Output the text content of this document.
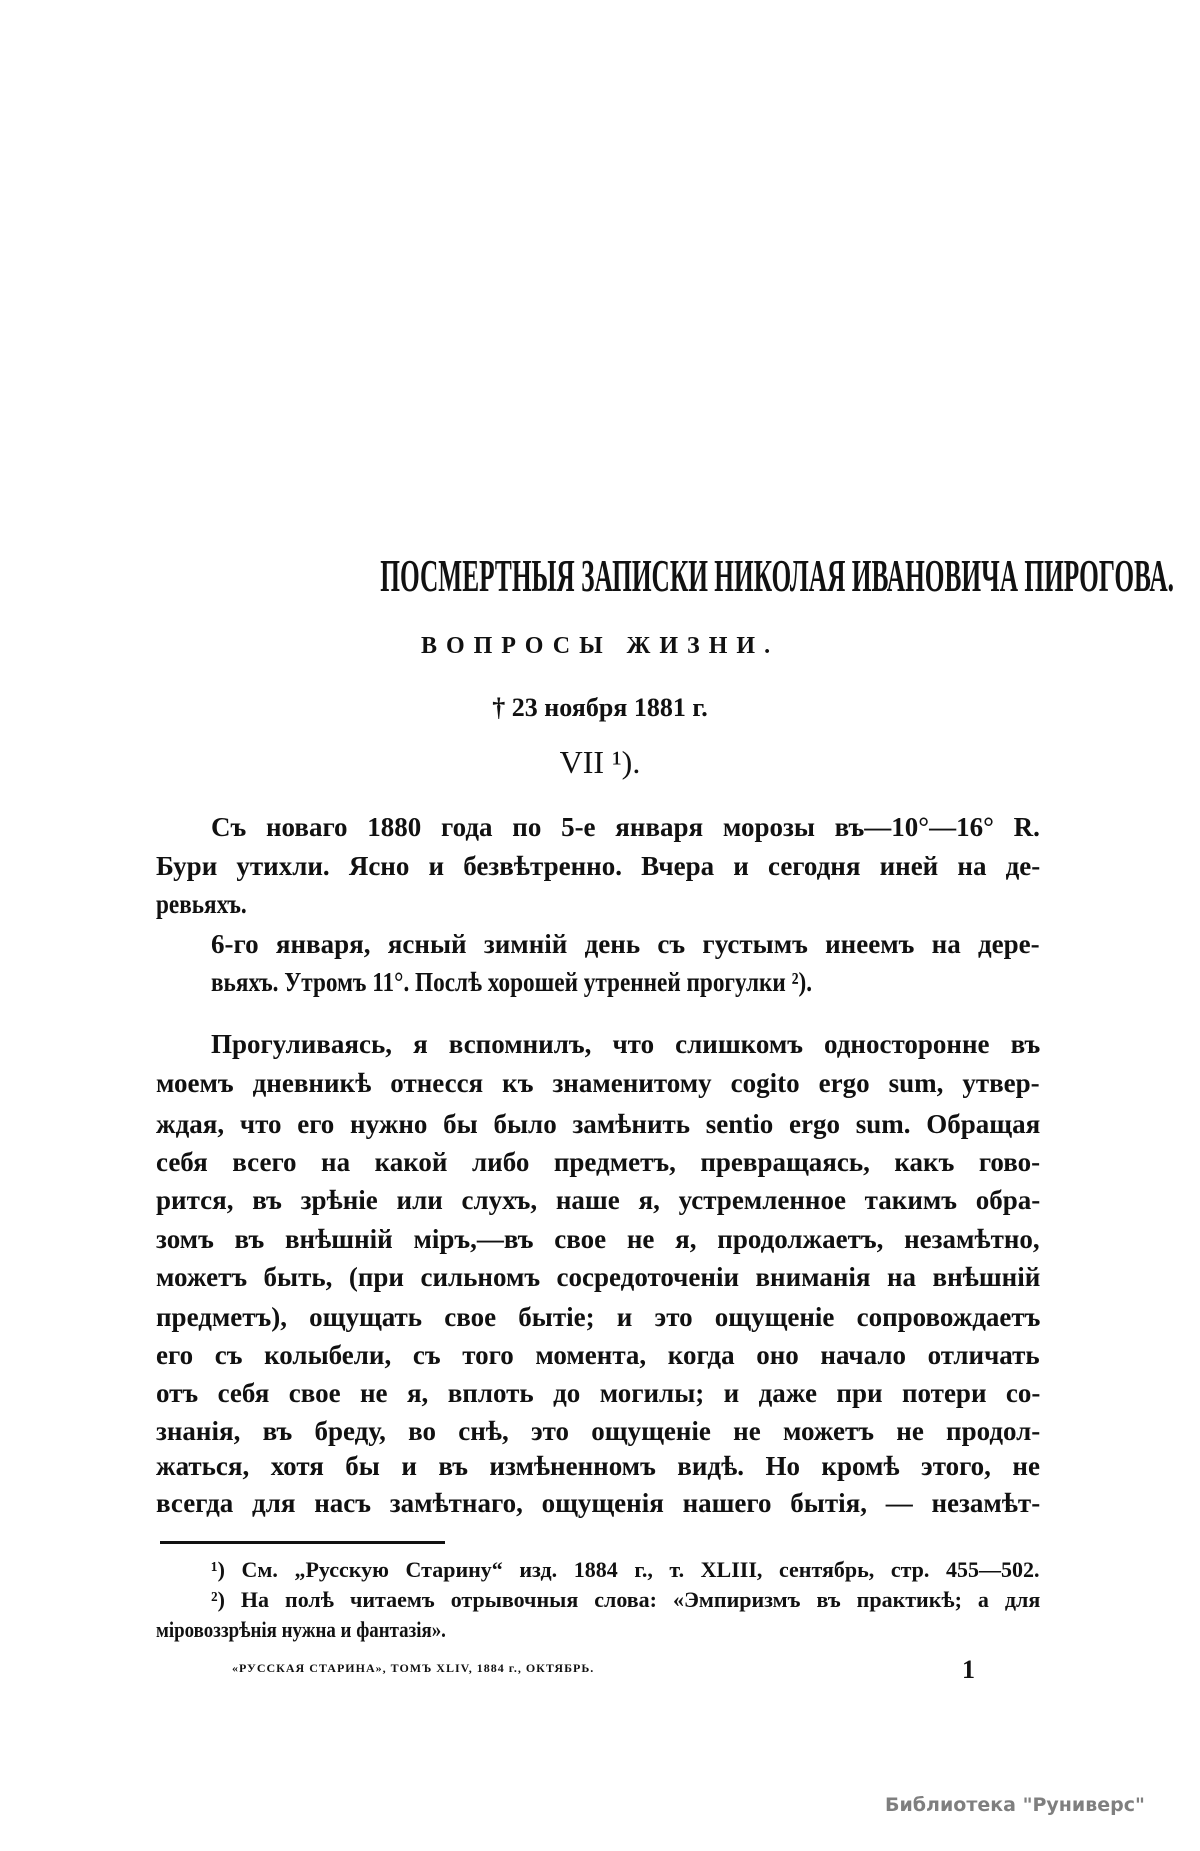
ПОСМЕРТНЫЯ ЗАПИСКИ НИКОЛАЯ ИВАНОВИЧА ПИРОГОВА.
ВОПРОСЫ ЖИЗНИ.
† 23 ноября 1881 г.
VII ¹).
Съ новаго 1880 года по 5-е января морозы въ—10°—16° R.
Бури утихли. Ясно и безвѣтренно. Вчера и сегодня иней на де-
ревьяхъ.
6-го января, ясный зимнiй день съ густымъ инеемъ на дере-
вьяхъ. Утромъ 11°. Послѣ хорошей утренней прогулки ²).
Прогуливаясь, я вспомнилъ, что слишкомъ односторонне въ
моемъ дневникѣ отнесся къ знаменитому cogito ergo sum, утвер-
ждая, что его нужно бы было замѣнить sentio ergo sum. Обращая
себя всего на какой либо предметъ, превращаясь, какъ гово-
рится, въ зрѣнiе или слухъ, наше я, устремленное такимъ обра-
зомъ въ внѣшнiй мiръ,—въ свое не я, продолжаетъ, незамѣтно,
можетъ быть, (при сильномъ сосредоточенiи вниманiя на внѣшнiй
предметъ), ощущать свое бытiе; и это ощущенiе сопровождаетъ
его съ колыбели, съ того момента, когда оно начало отличать
отъ себя свое не я, вплоть до могилы; и даже при потери со-
знанiя, въ бреду, во снѣ, это ощущенiе не можетъ не продол-
жаться, хотя бы и въ измѣненномъ видѣ. Но кромѣ этого, не
всегда для насъ замѣтнаго, ощущенiя нашего бытiя, — незамѣт-
¹) См. „Русскую Старину“ изд. 1884 г., т. XLIII, сентябрь, стр. 455—502.
²) На полѣ читаемъ отрывочныя слова: «Эмпиризмъ въ практикѣ; а для
мiровоззрѣнiя нужна и фантазiя».
«РУССКАЯ СТАРИНА», ТОМЪ XLIV, 1884 г., ОКТЯБРЬ.	1
Библиотека "Руниверс"
